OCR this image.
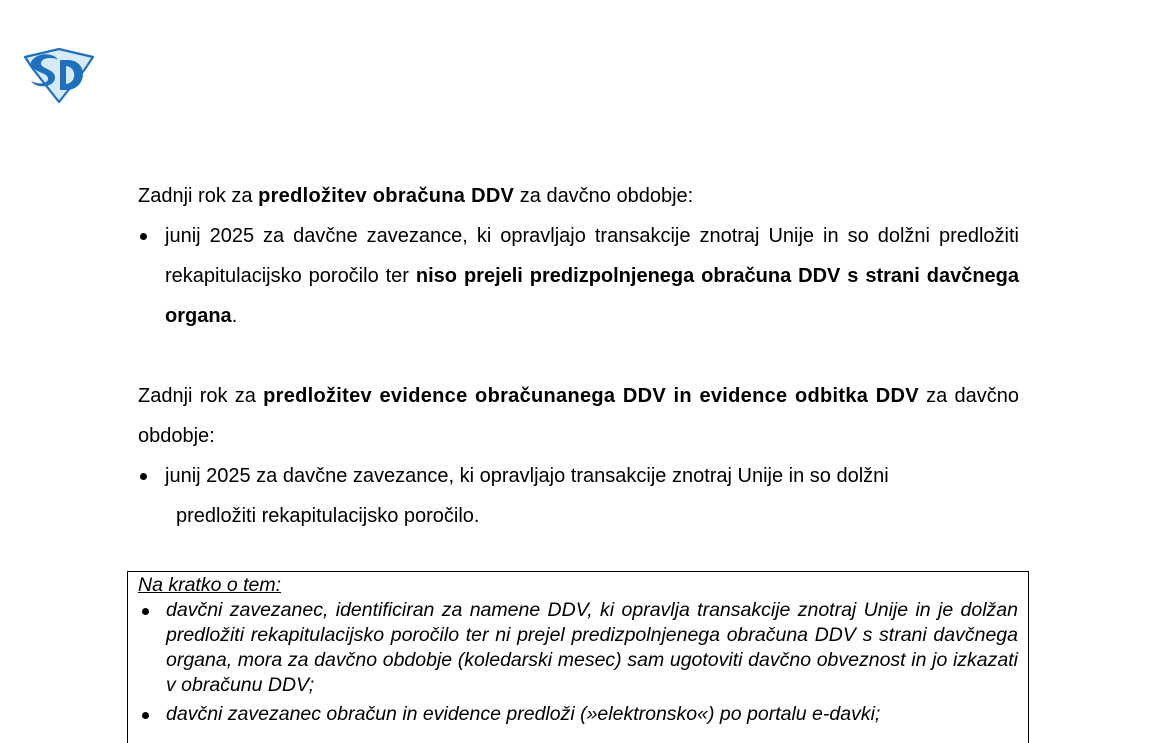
Zadnji rok za predložitev obračuna DDV za davčno obdobje:

junij 2025 za davčne zavezance, ki opravljajo transakcije znotraj Unije in so dolžni predložiti rekapitulacijsko poročilo ter niso prejeli predizpolnjenega obračuna DDV s strani davčnega organa.

Zadnji rok za predložitev evidence obračunanega DDV in evidence odbitka DDV za davčno obdobje:

junij 2025 za davčne zavezance, ki opravljajo transakcije znotraj Unije in so dolžni
predložiti rekapitulacijsko poročilo.

Na kratko o tem:

davčni zavezanec, identificiran za namene DDV, ki opravlja transakcije znotraj Unije in je dolžan predložiti rekapitulacijsko poročilo ter ni prejel predizpolnjenega obračuna DDV s strani davčnega organa, mora za davčno obdobje (koledarski mesec) sam ugotoviti davčno obveznost in jo izkazati v obračunu DDV;
davčni zavezanec obračun in evidence predloži (»elektronsko«) po portalu e-davki;
